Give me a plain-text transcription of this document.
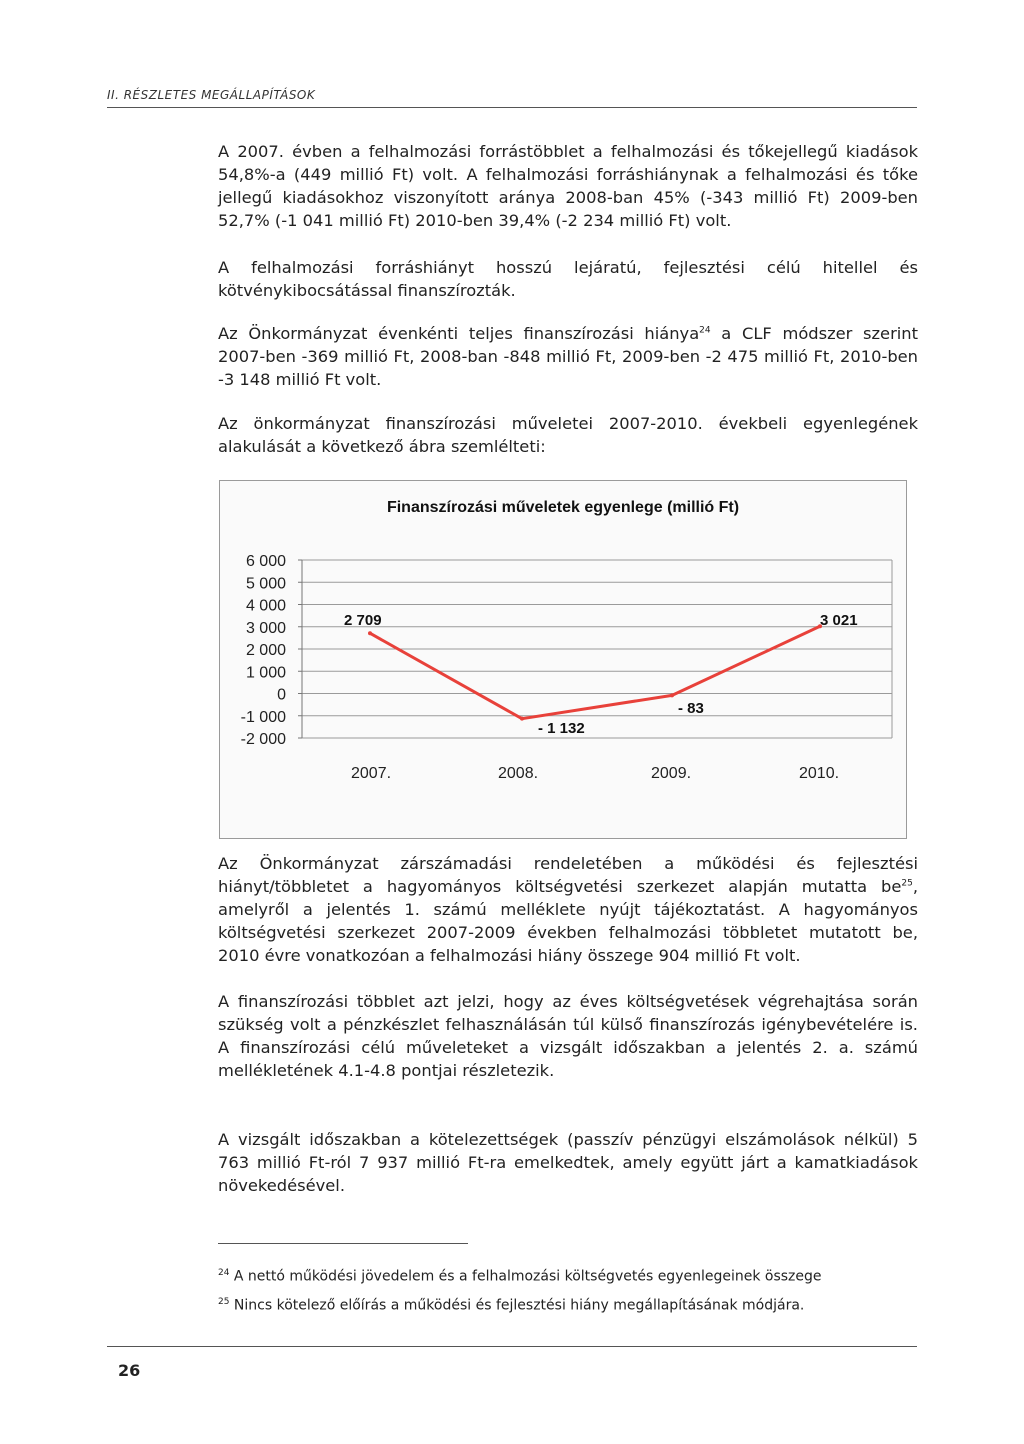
II. RÉSZLETES MEGÁLLAPÍTÁSOK
A 2007. évben a felhalmozási forrástöbblet a felhalmozási és tőkejellegű kiadások 54,8%-a (449 millió Ft) volt. A felhalmozási forráshiánynak a felhalmozási és tőke jellegű kiadásokhoz viszonyított aránya 2008-ban 45% (-343 millió Ft) 2009-ben 52,7% (-1 041 millió Ft) 2010-ben 39,4% (-2 234 millió Ft) volt.
A felhalmozási forráshiányt hosszú lejáratú, fejlesztési célú hitellel és kötvénykibocsátással finanszírozták.
Az Önkormányzat évenkénti teljes finanszírozási hiánya$^{24}$ a CLF módszer szerint 2007-ben -369 millió Ft, 2008-ban -848 millió Ft, 2009-ben -2 475 millió Ft, 2010-ben -3 148 millió Ft volt.
Az önkormányzat finanszírozási műveletei 2007-2010. évekbeli egyenlegének alakulását a következő ábra szemlélteti:
Finanszírozási műveletek egyenlege (millió Ft)
6 000
5 000
4 000
3 000
2 000
1 000
0
-1 000
-2 000
2007.	2008.	2009.	2010.
2 709
- 1 132
- 83
3 021
Az Önkormányzat zárszámadási rendeletében a működési és fejlesztési hiányt/többletet a hagyományos költségvetési szerkezet alapján mutatta $be^{25}$, amelyről a jelentés 1. számú melléklete nyújt tájékoztatást. A hagyományos költségvetési szerkezet 2007-2009 években felhalmozási többletet mutatott be, 2010 évre vonatkozóan a felhalmozási hiány összege 904 millió Ft volt.
A finanszírozási többlet azt jelzi, hogy az éves költségvetések végrehajtása során szükség volt a pénzkészlet felhasználásán túl külső finanszírozás igénybevételére is. A finanszírozási célú műveleteket a vizsgált időszakban a jelentés 2. a. számú mellékletének 4.1-4.8 pontjai részletezik.
A vizsgált időszakban a kötelezettségek (passzív pénzügyi elszámolások nélkül) 5 763 millió Ft-ról 7 937 millió Ft-ra emelkedtek, amely együtt járt a kamatkiadások növekedésével.
$^{24}$ A nettó működési jövedelem és a felhalmozási költségvetés egyenlegeinek összege
$^{25}$ Nincs kötelező előírás a működési és fejlesztési hiány megállapításának módjára.
26
